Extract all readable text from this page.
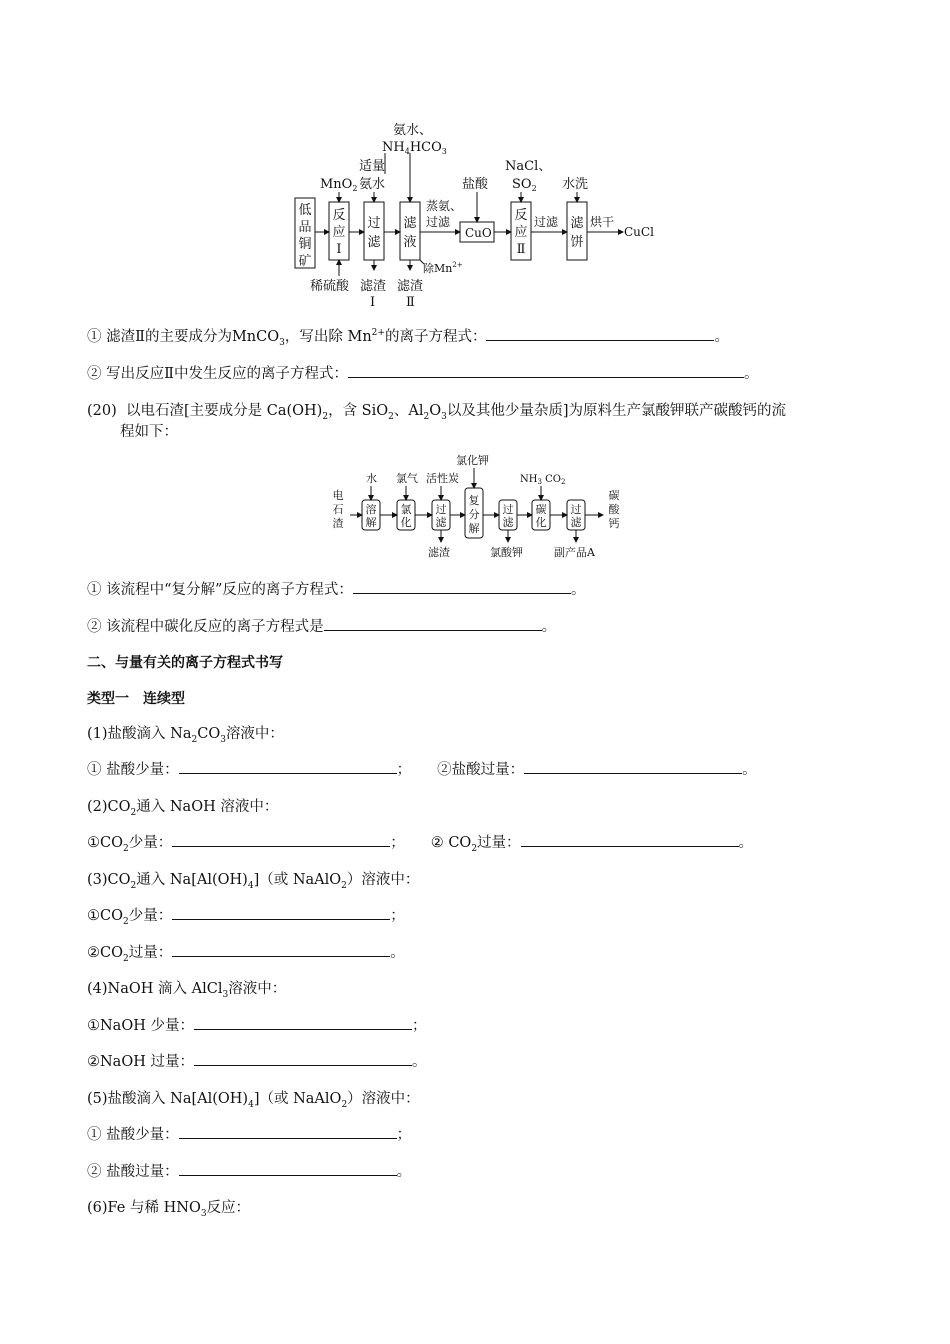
氨水、
$NH_4HCO_3$
适量
氨水
MnO$_2$
蒸氨、
过滤
盐酸
NaCl、
$SO_2$ 水洗
过滤	烘干
CuCl
CuO
稀硫酸 滤渣
Ⅰ
滤渣
Ⅱ
除$Mn^{2+}$
低
品
铜
矿
反
应
Ⅰ
过
滤
滤
液
反
应
Ⅱ
滤
饼
① 滤渣Ⅱ的主要成分为MnCO$_3$，写出除 $Mn^{2+}$的离子方程式：	。
② 写出反应Ⅱ中发生反应的离子方程式：	。
(20) 以电石渣[主要成分是 $Ca(OH)_2$，含 SiO$_2$、$Al_2O_3$以及其他少量杂质]为原料生产氯酸钾联产碳酸钙的流
程如下：
水 氯气 活性炭
氯化钾
$NH_3$ $CO_2$
滤渣	氯酸钾	副产品A
电
石
渣
溶
解
氯
化
过
滤
复
分
解
过
滤
碳
化
过
滤
碳
酸
钙
① 该流程中“复分解”反应的离子方程式：	。
② 该流程中碳化反应的离子方程式是	。
二、与量有关的离子方程式书写
类型一　连续型
(1)盐酸滴入 $Na_2CO_3$溶液中：
① 盐酸少量：	； ②盐酸过量：	。
$(2)CO_2$通入 NaOH 溶液中：
$①CO_2$少量：	； ② $CO_2$过量：	。
$(3)CO_2$通入 $Na[Al(OH)_4]$（或 NaAlO$_2$）溶液中：
$①CO_2$少量：	；
$②CO_2$过量：	。
(4)NaOH 滴入 AlCl$_3$溶液中：
①NaOH 少量：	；
②NaOH 过量：	。
(5)盐酸滴入 $Na[Al(OH)_4]$（或 NaAlO$_2$）溶液中：
① 盐酸少量：	；
② 盐酸过量：	。
(6)Fe 与稀 $HNO_3$反应：
